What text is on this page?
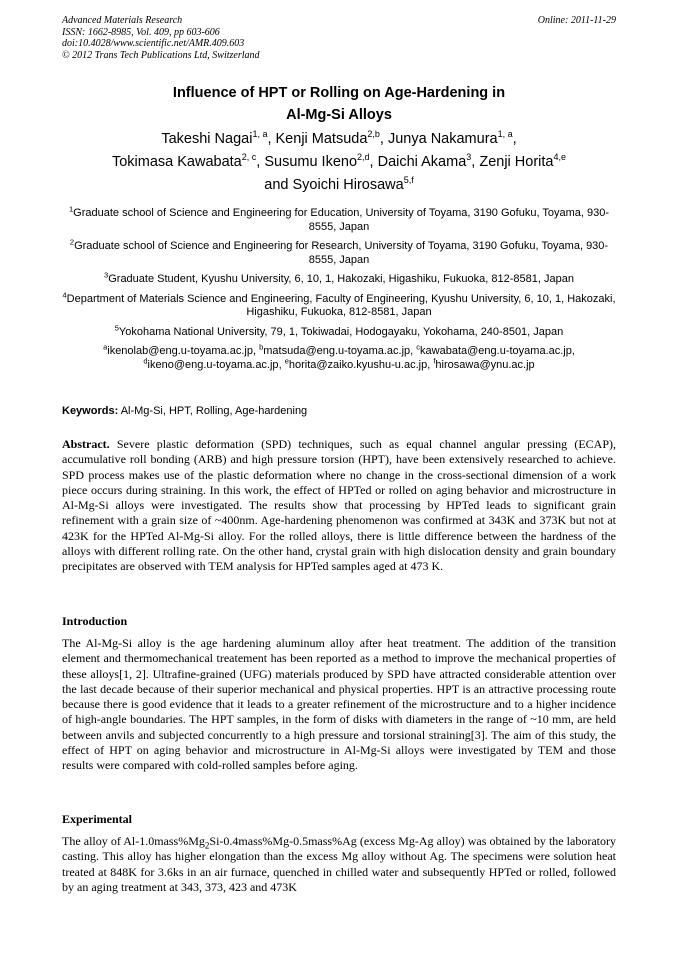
Advanced Materials Research
ISSN: 1662-8985, Vol. 409, pp 603-606
doi:10.4028/www.scientific.net/AMR.409.603
© 2012 Trans Tech Publications Ltd, Switzerland
Online: 2011-11-29
Influence of HPT or Rolling on Age-Hardening in
Al-Mg-Si Alloys
Takeshi Nagai$^{1, a}$, Kenji Matsuda$^{2,b}$, Junya Nakamura$^{1, a}$,
Tokimasa Kawabata$^{2, c}$, Susumu Ikeno$^{2,d}$, Daichi Akama$^3$, Zenji Horita$^{4,e}$
and Syoichi Hirosawa$^{5,f}$
$^1$Graduate school of Science and Engineering for Education, University of Toyama, 3190 Gofuku, Toyama, 930-8555, Japan
$^2$Graduate school of Science and Engineering for Research, University of Toyama, 3190 Gofuku, Toyama, 930-8555, Japan
$^3$Graduate Student, Kyushu University, 6, 10, 1, Hakozaki, Higashiku, Fukuoka, 812-8581, Japan
$^4$Department of Materials Science and Engineering, Faculty of Engineering, Kyushu University, 6, 10, 1, Hakozaki, Higashiku, Fukuoka, 812-8581, Japan
$^5$Yokohama National University, 79, 1, Tokiwadai, Hodogayaku, Yokohama, 240-8501, Japan
$^a$ikenolab@eng.u-toyama.ac.jp, $^b$matsuda@eng.u-toyama.ac.jp, $^c$kawabata@eng.u-toyama.ac.jp,
$^d$ikeno@eng.u-toyama.ac.jp, $^e$horita@zaiko.kyushu-u.ac.jp, $^f$hirosawa@ynu.ac.jp
Keywords: Al-Mg-Si, HPT, Rolling, Age-hardening

Abstract. Severe plastic deformation (SPD) techniques, such as equal channel angular pressing (ECAP), accumulative roll bonding (ARB) and high pressure torsion (HPT), have been extensively researched to achieve. SPD process makes use of the plastic deformation where no change in the cross-sectional dimension of a work piece occurs during straining. In this work, the effect of HPTed or rolled on aging behavior and microstructure in Al-Mg-Si alloys were investigated. The results show that processing by HPTed leads to significant grain refinement with a grain size of ~400nm. Age-hardening phenomenon was confirmed at 343K and 373K but not at 423K for the HPTed Al-Mg-Si alloy. For the rolled alloys, there is little difference between the hardness of the alloys with different rolling rate. On the other hand, crystal grain with high dislocation density and grain boundary precipitates are observed with TEM analysis for HPTed samples aged at 473 K.

Introduction

The Al-Mg-Si alloy is the age hardening aluminum alloy after heat treatment. The addition of the transition element and thermomechanical treatement has been reported as a method to improve the mechanical properties of these alloys[1, 2]. Ultrafine-grained (UFG) materials produced by SPD have attracted considerable attention over the last decade because of their superior mechanical and physical properties. HPT is an attractive processing route because there is good evidence that it leads to a greater refinement of the microstructure and to a higher incidence of high-angle boundaries. The HPT samples, in the form of disks with diameters in the range of ~10 mm, are held between anvils and subjected concurrently to a high pressure and torsional straining[3]. The aim of this study, the effect of HPT on aging behavior and microstructure in Al-Mg-Si alloys were investigated by TEM and those results were compared with cold-rolled samples before aging.

Experimental

The alloy of $Al-1.0mass\%Mg_2Si-0.4mass\%Mg-0.5mass\%Ag$ (excess Mg-Ag alloy) was obtained by the laboratory casting. This alloy has higher elongation than the excess Mg alloy without Ag. The specimens were solution heat treated at 848K for 3.6ks in an air furnace, quenched in chilled water and subsequently HPTed or rolled, followed by an aging treatment at 343, 373, 423 and 473K
